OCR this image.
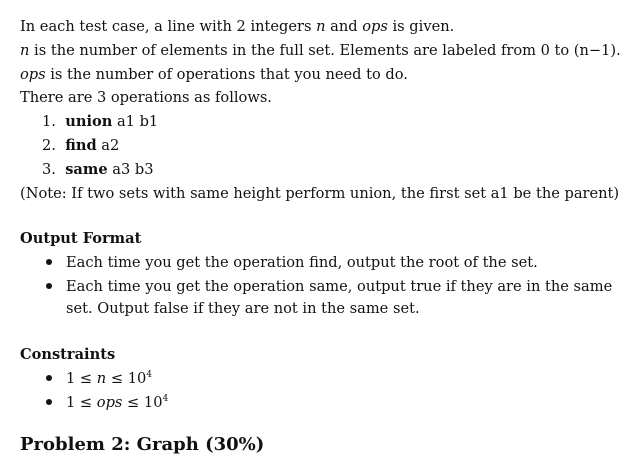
In each test case, a line with 2 integers n and ops is given.
n is the number of elements in the full set. Elements are labeled from 0 to (n−1).
ops is the number of operations that you need to do.
There are 3 operations as follows.
1. union a1 b1
2. find a2
3. same a3 b3
(Note: If two sets with same height perform union, the first set a1 be the parent)
Output Format
Each time you get the operation find, output the root of the set.
Each time you get the operation same, output true if they are in the same
set. Output false if they are not in the same set.
Constraints
$1 \le n \le 10^4$
1 ≤ ops ≤ $10^4$
Problem 2: Graph (30%)
